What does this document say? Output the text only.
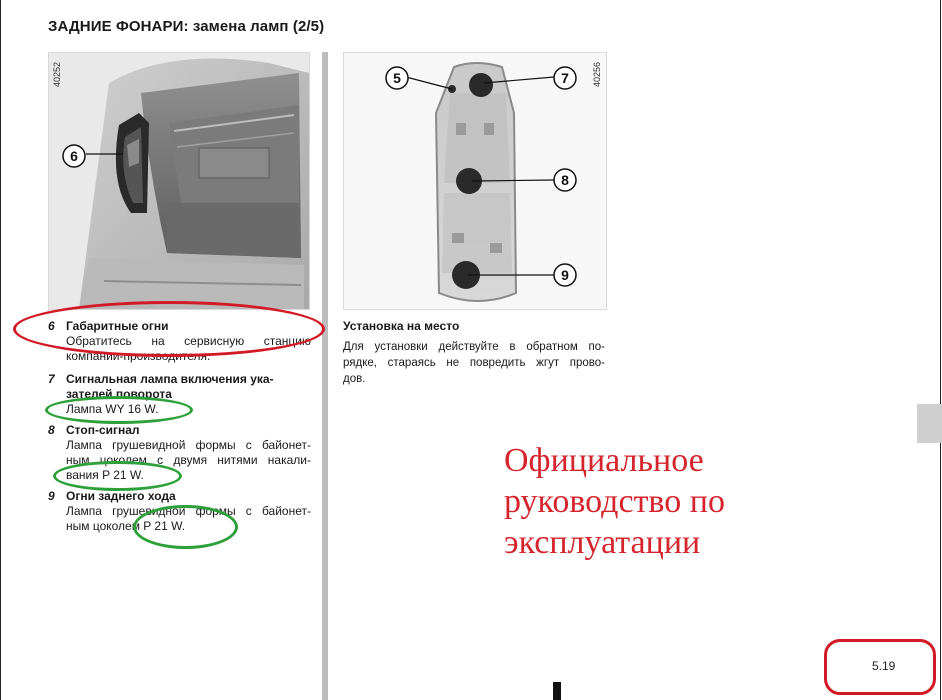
ЗАДНИЕ ФОНАРИ: замена ламп (2/5)
6
40252	5	7
8
9
40256
6 Габаритные огни
Обратитесь на сервисную станцию
компании-производителя.
7 Сигнальная лампа включения ука-
зателей поворота
Лампа WY 16 W.
8 Стоп-сигнал
Лампа грушевидной формы с байонет-
ным цоколем с двумя нитями накали-
вания P 21 W.
9 Огни заднего хода
Лампа грушевидной формы с байонет-
ным цоколем P 21 W.
Установка на место
Для установки действуйте в обратном по-
рядке, стараясь не повредить жгут прово-
дов.
Официальное
руководство по
эксплуатации
5.19
